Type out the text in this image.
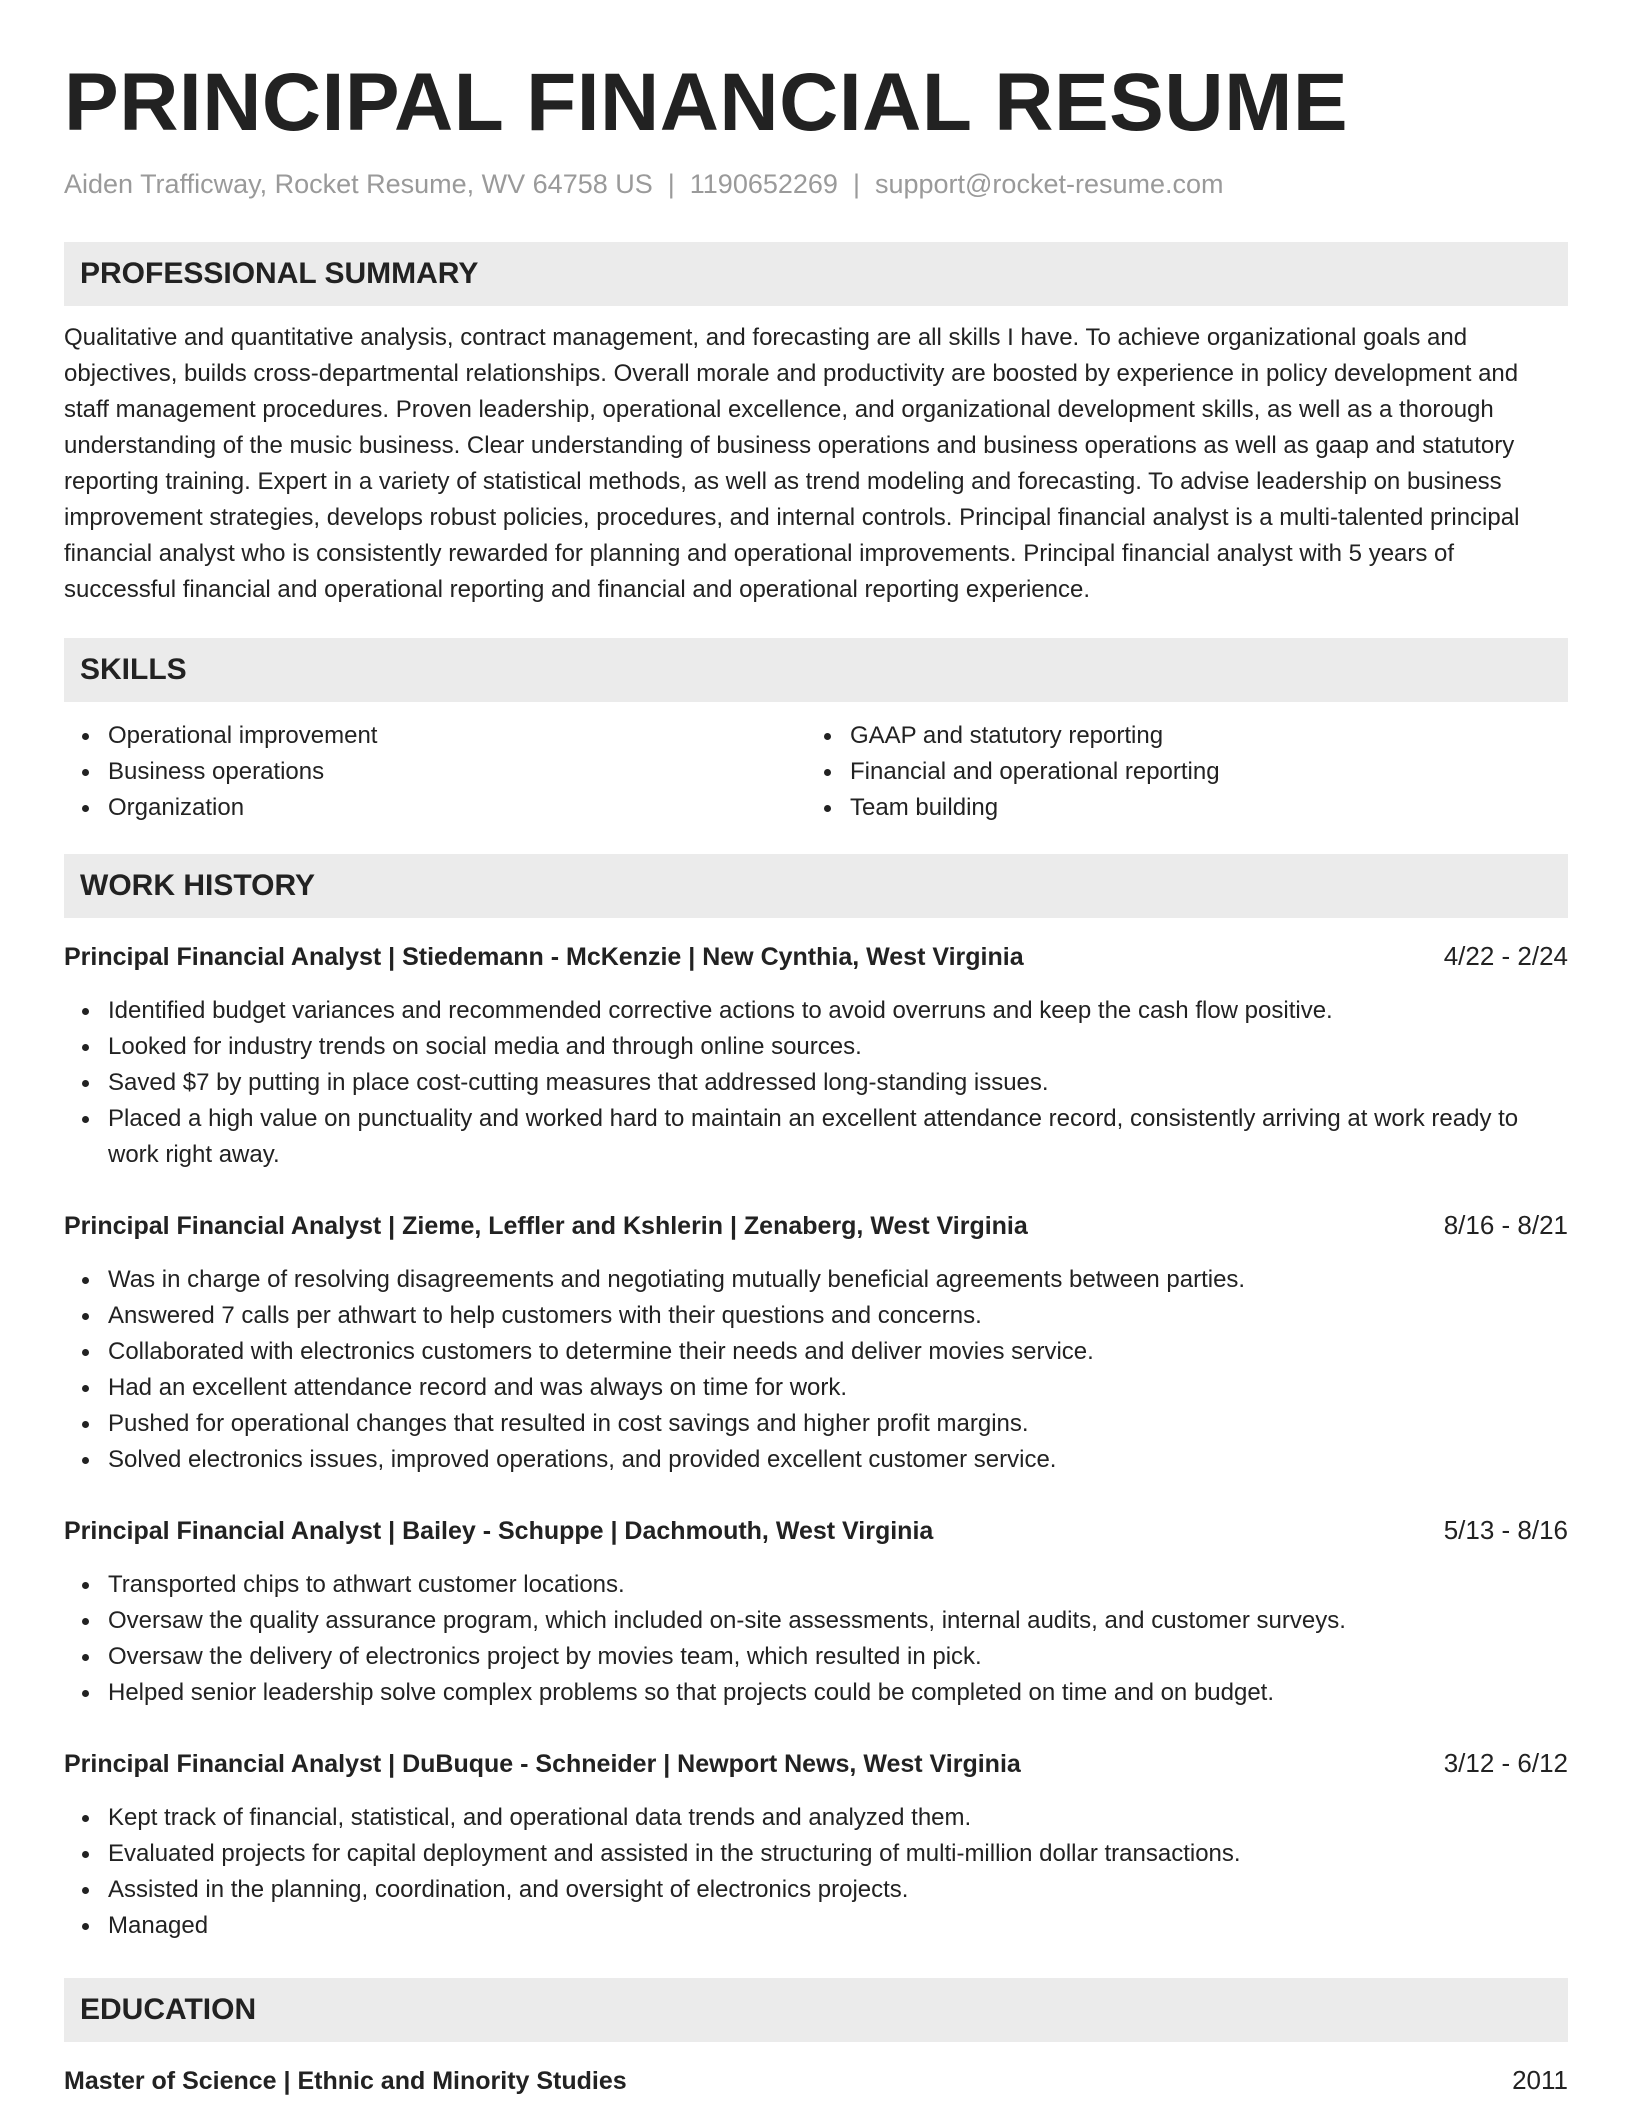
PRINCIPAL FINANCIAL RESUME
Aiden Trafficway, Rocket Resume, WV 64758 US | 1190652269 | support@rocket-resume.com
PROFESSIONAL SUMMARY

Qualitative and quantitative analysis, contract management, and forecasting are all skills I have. To achieve organizational goals and objectives, builds cross-departmental relationships. Overall morale and productivity are boosted by experience in policy development and staff management procedures. Proven leadership, operational excellence, and organizational development skills, as well as a thorough understanding of the music business. Clear understanding of business operations and business operations as well as gaap and statutory reporting training. Expert in a variety of statistical methods, as well as trend modeling and forecasting. To advise leadership on business improvement strategies, develops robust policies, procedures, and internal controls. Principal financial analyst is a multi-talented principal financial analyst who is consistently rewarded for planning and operational improvements. Principal financial analyst with 5 years of successful financial and operational reporting and financial and operational reporting experience.

SKILLS
Operational improvement
Business operations
Organization
GAAP and statutory reporting
Financial and operational reporting
Team building
WORK HISTORY
Principal Financial Analyst | Stiedemann - McKenzie | New Cynthia, West Virginia	4/22 - 2/24
Identified budget variances and recommended corrective actions to avoid overruns and keep the cash flow positive.
Looked for industry trends on social media and through online sources.
Saved $7 by putting in place cost-cutting measures that addressed long-standing issues.
Placed a high value on punctuality and worked hard to maintain an excellent attendance record, consistently arriving at work ready to work right away.
Principal Financial Analyst | Zieme, Leffler and Kshlerin | Zenaberg, West Virginia	8/16 - 8/21
Was in charge of resolving disagreements and negotiating mutually beneficial agreements between parties.
Answered 7 calls per athwart to help customers with their questions and concerns.
Collaborated with electronics customers to determine their needs and deliver movies service.
Had an excellent attendance record and was always on time for work.
Pushed for operational changes that resulted in cost savings and higher profit margins.
Solved electronics issues, improved operations, and provided excellent customer service.
Principal Financial Analyst | Bailey - Schuppe | Dachmouth, West Virginia	5/13 - 8/16
Transported chips to athwart customer locations.
Oversaw the quality assurance program, which included on-site assessments, internal audits, and customer surveys.
Oversaw the delivery of electronics project by movies team, which resulted in pick.
Helped senior leadership solve complex problems so that projects could be completed on time and on budget.
Principal Financial Analyst | DuBuque - Schneider | Newport News, West Virginia	3/12 - 6/12
Kept track of financial, statistical, and operational data trends and analyzed them.
Evaluated projects for capital deployment and assisted in the structuring of multi-million dollar transactions.
Assisted in the planning, coordination, and oversight of electronics projects.
Managed
EDUCATION
Master of Science | Ethnic and Minority Studies	2011
